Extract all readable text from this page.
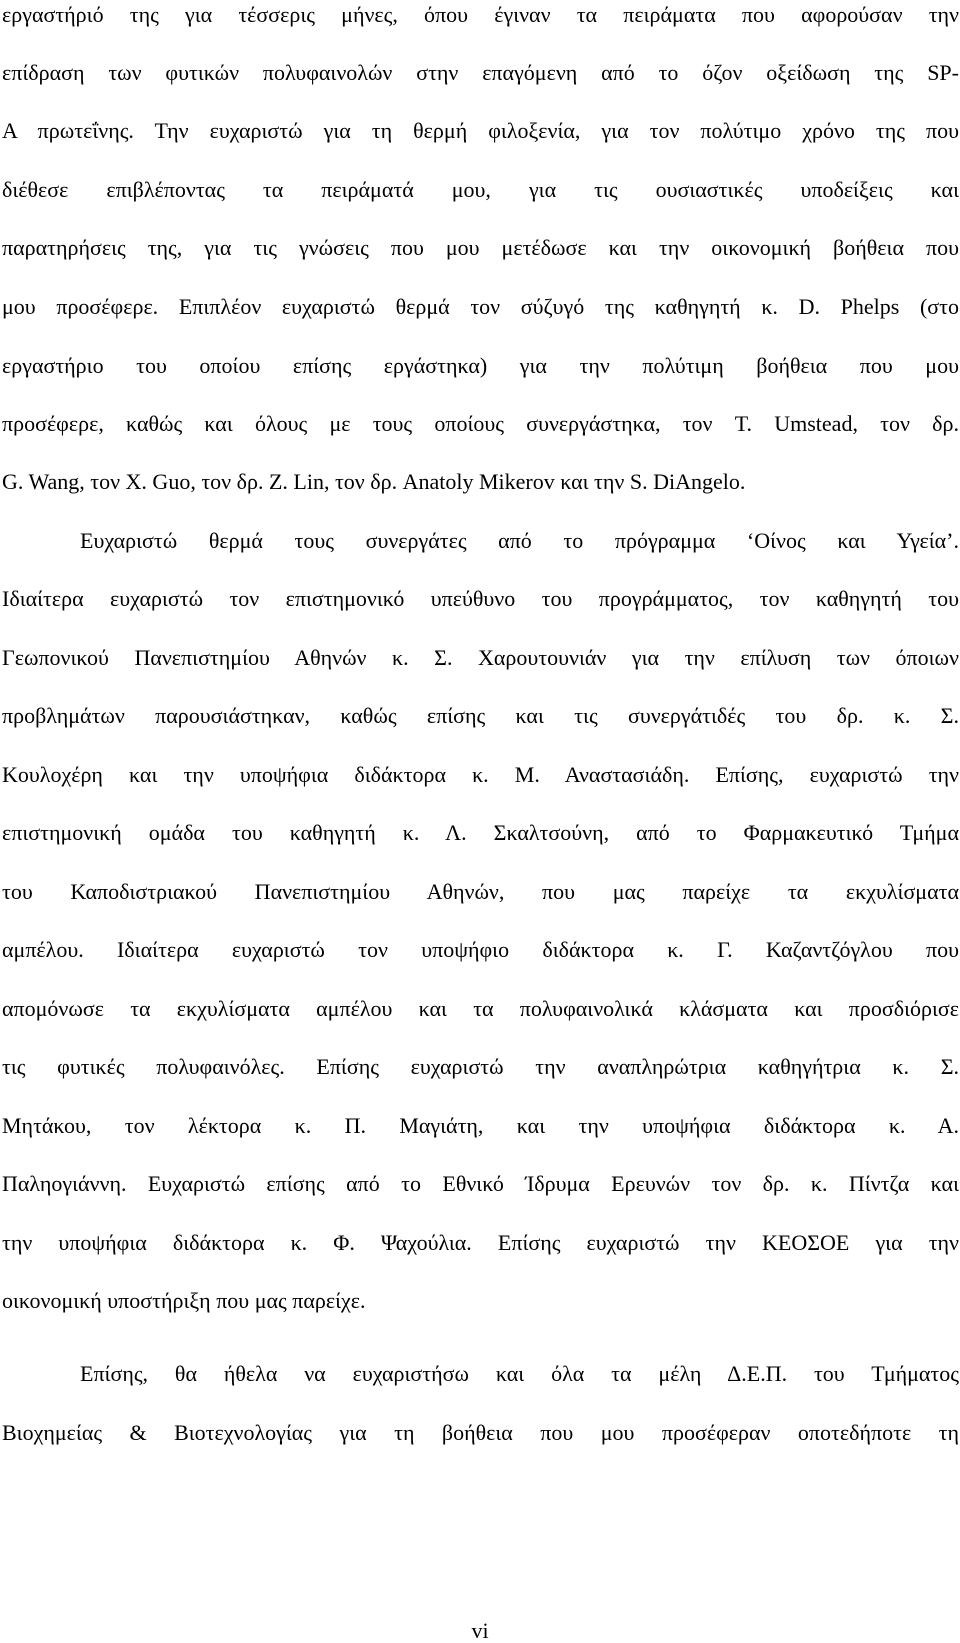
εργαστήριό της για τέσσερις μήνες, όπου έγιναν τα πειράματα που αφορούσαν την
επίδραση των φυτικών πολυφαινολών στην επαγόμενη από το όζον οξείδωση της SP-
A πρωτεΐνης. Την ευχαριστώ για τη θερμή φιλοξενία, για τον πολύτιμο χρόνο της που
διέθεσε επιβλέποντας τα πειράματά μου, για τις ουσιαστικές υποδείξεις και
παρατηρήσεις της, για τις γνώσεις που μου μετέδωσε και την οικονομική βοήθεια που
μου προσέφερε. Επιπλέον ευχαριστώ θερμά τον σύζυγό της καθηγητή κ. D. Phelps (στο
εργαστήριο του οποίου επίσης εργάστηκα) για την πολύτιμη βοήθεια που μου
προσέφερε, καθώς και όλους με τους οποίους συνεργάστηκα, τον T. Umstead, τον δρ.
G. Wang, τον X. Guo, τον δρ. Z. Lin, τον δρ. Anatoly Mikerov και την S. DiAngelo.
Ευχαριστώ θερμά τους συνεργάτες από το πρόγραμμα ‘Οίνος και Υγεία’.
Ιδιαίτερα ευχαριστώ τον επιστημονικό υπεύθυνο του προγράμματος, τον καθηγητή του
Γεωπονικού Πανεπιστημίου Αθηνών κ. Σ. Χαρουτουνιάν για την επίλυση των όποιων
προβλημάτων παρουσιάστηκαν, καθώς επίσης και τις συνεργάτιδές του δρ. κ. Σ.
Κουλοχέρη και την υποψήφια διδάκτορα κ. Μ. Αναστασιάδη. Επίσης, ευχαριστώ την
επιστημονική ομάδα του καθηγητή κ. Λ. Σκαλτσούνη, από το Φαρμακευτικό Τμήμα
του Καποδιστριακού Πανεπιστημίου Αθηνών, που μας παρείχε τα εκχυλίσματα
αμπέλου. Ιδιαίτερα ευχαριστώ τον υποψήφιο διδάκτορα κ. Γ. Καζαντζόγλου που
απομόνωσε τα εκχυλίσματα αμπέλου και τα πολυφαινολικά κλάσματα και προσδιόρισε
τις φυτικές πολυφαινόλες. Επίσης ευχαριστώ την αναπληρώτρια καθηγήτρια κ. Σ.
Μητάκου, τον λέκτορα κ. Π. Μαγιάτη, και την υποψήφια διδάκτορα κ. Α.
Παληογιάννη. Ευχαριστώ επίσης από το Εθνικό Ίδρυμα Ερευνών τον δρ. κ. Πίντζα και
την υποψήφια διδάκτορα κ. Φ. Ψαχούλια. Επίσης ευχαριστώ την ΚΕΟΣΟΕ για την
οικονομική υποστήριξη που μας παρείχε.
Επίσης, θα ήθελα να ευχαριστήσω και όλα τα μέλη Δ.Ε.Π. του Τμήματος
Βιοχημείας & Βιοτεχνολογίας για τη βοήθεια που μου προσέφεραν οποτεδήποτε τη
vi
